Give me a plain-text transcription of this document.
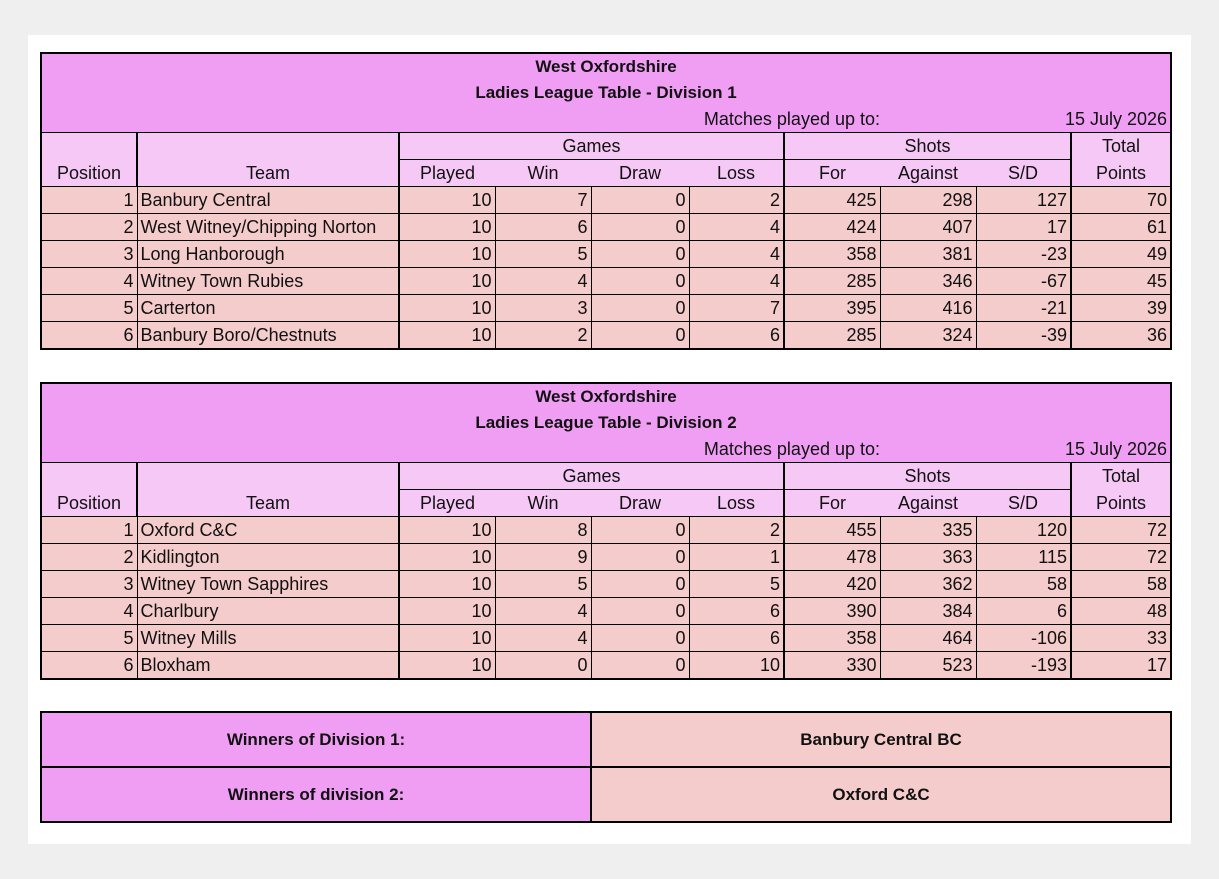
West Oxfordshire									
Ladies League Table - Division 1									
Matches played up to:							15 July 2026		
		Games				Shots			Total
Position	Team	Played	Win	Draw	Loss	For	Against	S/D	Points
1	Banbury Central	10	7	0	2	425	298	127	70
2	West Witney/Chipping Norton	10	6	0	4	424	407	17	61
3	Long Hanborough	10	5	0	4	358	381	-23	49
4	Witney Town Rubies	10	4	0	4	285	346	-67	45
5	Carterton	10	3	0	7	395	416	-21	39
6	Banbury Boro/Chestnuts	10	2	0	6	285	324	-39	36
West Oxfordshire									
Ladies League Table - Division 2									
Matches played up to:							15 July 2026		
		Games				Shots			Total
Position	Team	Played	Win	Draw	Loss	For	Against	S/D	Points
1	Oxford C&C	10	8	0	2	455	335	120	72
2	Kidlington	10	9	0	1	478	363	115	72
3	Witney Town Sapphires	10	5	0	5	420	362	58	58
4	Charlbury	10	4	0	6	390	384	6	48
5	Witney Mills	10	4	0	6	358	464	-106	33
6	Bloxham	10	0	0	10	330	523	-193	17
Winners of Division 1:	Banbury Central BC
Winners of division 2:	Oxford C&C
